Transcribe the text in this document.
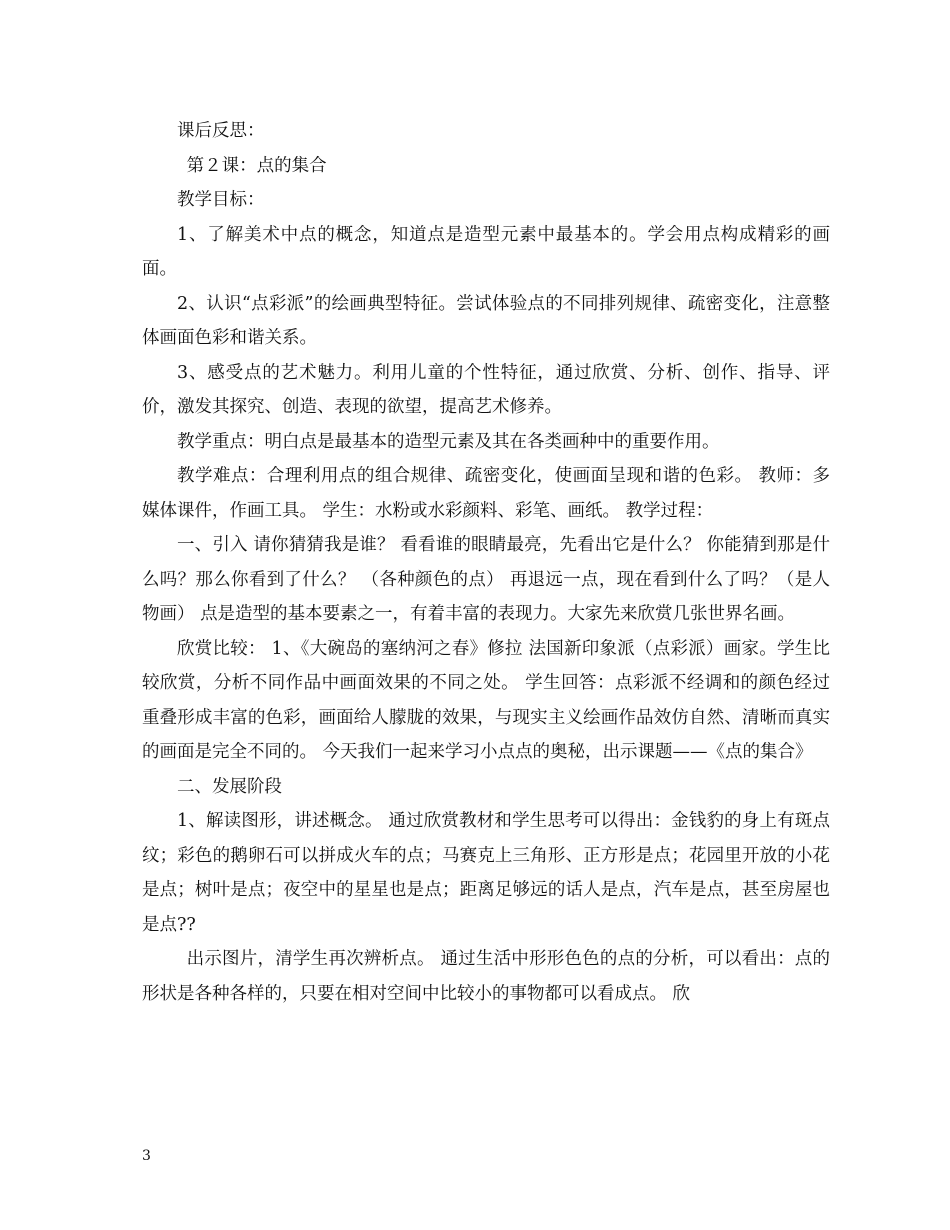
课后反思：

第２课：点的集合

教学目标：

1、了解美术中点的概念，知道点是造型元素中最基本的。学会用点构成精彩的画面。

2、认识“点彩派”的绘画典型特征。尝试体验点的不同排列规律、疏密变化，注意整 体画面色彩和谐关系。

3、感受点的艺术魅力。利用儿童的个性特征，通过欣赏、分析、创作、指导、评价，激发其探究、创造、表现的欲望，提高艺术修养。

教学重点：明白点是最基本的造型元素及其在各类画种中的重要作用。

教学难点：合理利用点的组合规律、疏密变化，使画面呈现和谐的色彩。 教师：多媒体课件，作画工具。 学生：水粉或水彩颜料、彩笔、画纸。 教学过程：

一、引入 请你猜猜我是谁？ 看看谁的眼睛最亮，先看出它是什么？ 你能猜到那是什么吗？那么你看到了什么？ （各种颜色的点） 再退远一点，现在看到什么了吗？（是人物画） 点是造型的基本要素之一，有着丰富的表现力。大家先来欣赏几张世界名画。

欣赏比较： 1、《大碗岛的塞纳河之春》修拉 法国新印象派（点彩派）画家。学生比较欣赏，分析不同作品中画面效果的不同之处。 学生回答：点彩派不经调和的颜色经过重叠形成丰富的色彩，画面给人朦胧的效果，与现实主义绘画作品效仿自然、清晰而真实的画面是完全不同的。 今天我们一起来学习小点点的奥秘，出示课题——《点的集合》

二、发展阶段

1、解读图形，讲述概念。 通过欣赏教材和学生思考可以得出：金钱豹的身上有斑点纹；彩色的鹅卵石可以拼成火车的点；马赛克上三角形、正方形是点；花园里开放的小花是点；树叶是点；夜空中的星星也是点；距离足够远的话人是点，汽车是点，甚至房屋也是点??

出示图片，清学生再次辨析点。 通过生活中形形色色的点的分析，可以看出：点的形状是各种各样的，只要在相对空间中比较小的事物都可以看成点。 欣

3
